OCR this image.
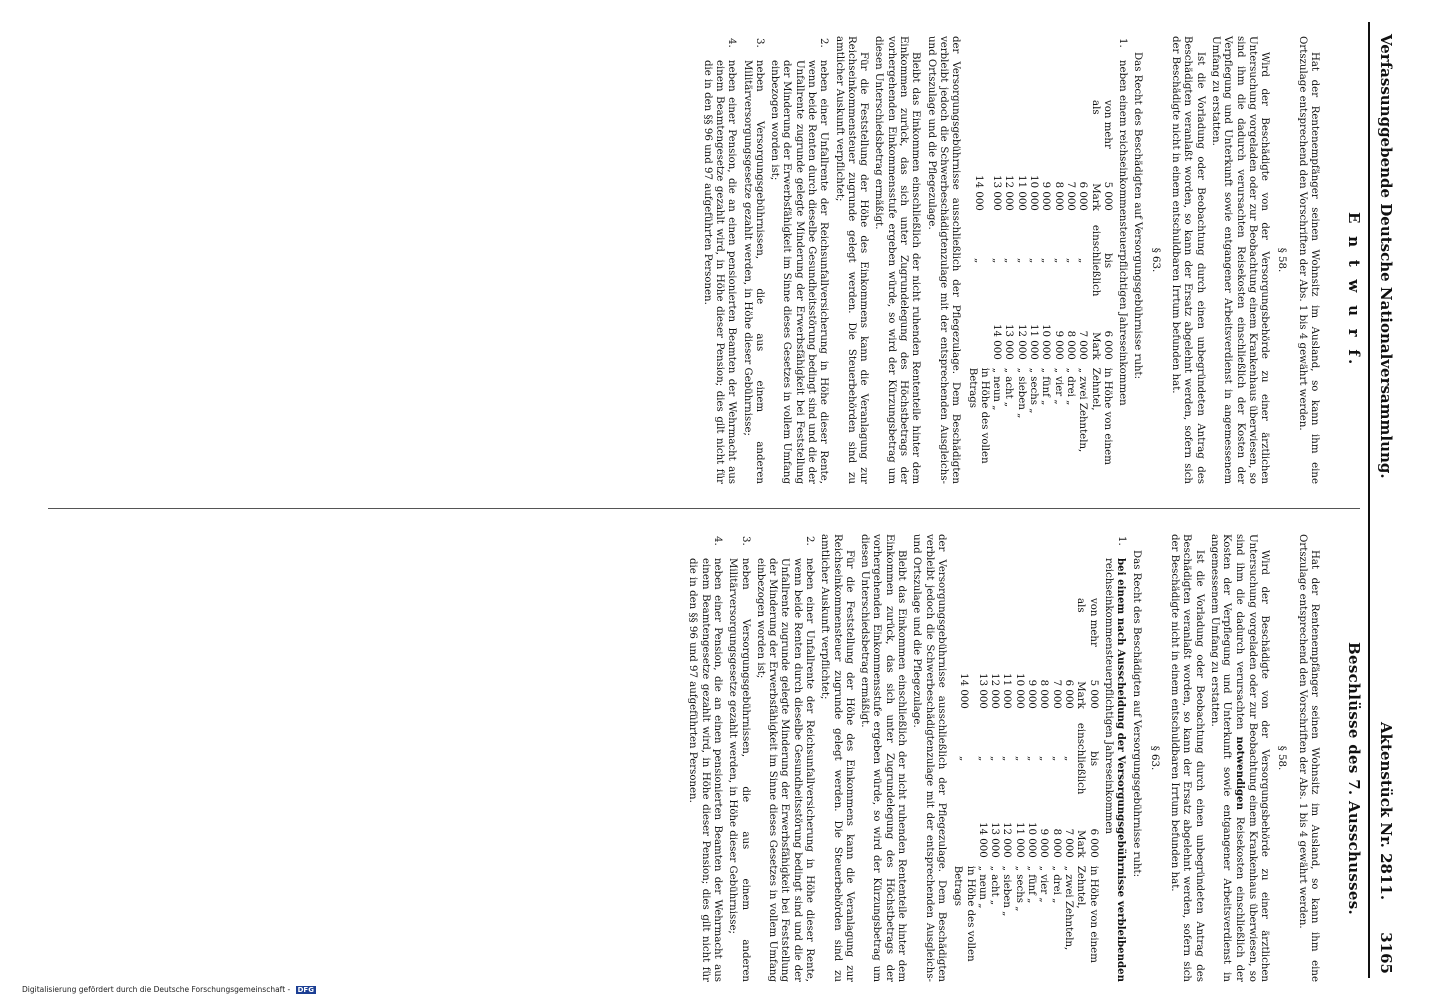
Verfassunggebende Deutsche Nationalversammlung.
Aktenstück Nr. 2811.
3165
E n t w u r f.
Beschlüsse des 7. Ausschusses.

Hat der Rentenempfänger seinen Wohnsitz im Ausland, so kann ihm eine Ortszulage entsprechend den Vorschriften der Abs. 1 bis 4 gewährt werden.

§ 58.

Wird der Beschädigte von der Versorgungsbehörde zu einer ärztlichen Untersuchung vorgeladen oder zur Beobachtung einem Krankenhaus überwiesen, so sind ihm die dadurch verursachten Reisekosten einschließlich der Kosten der Verpflegung und Unterkunft sowie entgangener Arbeitsverdienst in angemessenem Umfang zu erstatten.

Ist die Vorladung oder Beobachtung durch einen unbegründeten Antrag des Beschädigten veranlaßt worden, so kann der Ersatz abgelehnt werden, sofern sich der Beschädigte nicht in einem entschuldbaren Irrtum befunden hat.

§ 63.

Das Recht des Beschädigten auf Versorgungsgebührnisse ruht:

1.
neben einem reichseinkommensteuerpflichtigen Jahreseinkommen
von mehr als	5 000 Mark	bis einschließlich	6 000 Mark	in Höhe von einem Zehntel,
	6 000	„	7 000	„ zwei Zehnteln,
	7 000	„	8 000	„ drei „
	8 000	„	9 000	„ vier „
	9 000	„	10 000	„ fünf „
	10 000	„	11 000	„ sechs „
	11 000	„	12 000	„ sieben „
	12 000	„	13 000	„ acht „
	13 000	„	14 000	„ neun „
	14 000	„		in Höhe des vollen Betrags

der Versorgungsgebührnisse ausschließlich der Pflegezulage. Dem Beschädigten verbleibt jedoch die Schwerbeschädigtenzulage mit der entsprechenden Ausgleichs- und Ortszulage und die Pflegezulage.

Bleibt das Einkommen einschließlich der nicht ruhenden Rententeile hinter dem Einkommen zurück, das sich unter Zugrundelegung des Höchstbetrags der vorhergehenden Einkommensstufe ergeben würde, so wird der Kürzungsbetrag um diesen Unterschiedsbetrag ermäßigt.

Für die Feststellung der Höhe des Einkommens kann die Veranlagung zur Reichseinkommensteuer zugrunde gelegt werden. Die Steuerbehörden sind zu amtlicher Auskunft verpflichtet;

2.
neben einer Unfallrente der Reichsunfallversicherung in Höhe dieser Rente, wenn beide Renten durch dieselbe Gesundheitsstörung bedingt sind und die der Unfallrente zugrunde gelegte Minderung der Erwerbsfähigkeit bei Feststellung der Minderung der Erwerbsfähigkeit im Sinne dieses Gesetzes in vollem Umfang einbezogen worden ist;
3.
neben Versorgungsgebührnissen, die aus einem anderen Militärversorgungsgesetze gezahlt werden, in Höhe dieser Gebührnisse;
4.
neben einer Pension, die an einen pensionierten Beamten der Wehrmacht aus einem Beamtengesetze gezahlt wird, in Höhe dieser Pension; dies gilt nicht für die in den §§ 96 und 97 aufgeführten Personen.

Hat der Rentenempfänger seinen Wohnsitz im Ausland, so kann ihm eine Ortszulage entsprechend den Vorschriften der Abs. 1 bis 4 gewährt werden.

§ 58.

Wird der Beschädigte von der Versorgungsbehörde zu einer ärztlichen Untersuchung vorgeladen oder zur Beobachtung einem Krankenhaus überwiesen, so sind ihm die dadurch verursachten notwendigen Reisekosten einschließlich der Kosten der Verpflegung und Unterkunft sowie entgangener Arbeitsverdienst in angemessenem Umfang zu erstatten.

Ist die Vorladung oder Beobachtung durch einen unbegründeten Antrag des Beschädigten veranlaßt worden, so kann der Ersatz abgelehnt werden, sofern sich der Beschädigte nicht in einem entschuldbaren Irrtum befunden hat.

§ 63.

Das Recht des Beschädigten auf Versorgungsgebührnisse ruht:

1.
bei einem nach Ausscheidung der Versorgungsgebührnisse verbleibenden reichseinkommensteuerpflichtigen Jahreseinkommen
von mehr als	5 000 Mark	bis einschließlich	6 000 Mark	in Höhe von einem Zehntel,
	6 000	„	7 000	„ zwei Zehnteln,
	7 000	„	8 000	„ drei „
	8 000	„	9 000	„ vier „
	9 000	„	10 000	„ fünf „
	10 000	„	11 000	„ sechs „
	11 000	„	12 000	„ sieben „
	12 000	„	13 000	„ acht „
	13 000	„	14 000	„ neun „
	14 000	„		in Höhe des vollen Betrags

der Versorgungsgebührnisse ausschließlich der Pflegezulage. Dem Beschädigten verbleibt jedoch die Schwerbeschädigtenzulage mit der entsprechenden Ausgleichs- und Ortszulage und die Pflegezulage.

Bleibt das Einkommen einschließlich der nicht ruhenden Rententeile hinter dem Einkommen zurück, das sich unter Zugrundelegung des Höchstbetrags der vorhergehenden Einkommensstufe ergeben würde, so wird der Kürzungsbetrag um diesen Unterschiedsbetrag ermäßigt.

Für die Feststellung der Höhe des Einkommens kann die Veranlagung zur Reichseinkommensteuer zugrunde gelegt werden. Die Steuerbehörden sind zu amtlicher Auskunft verpflichtet;

2.
neben einer Unfallrente der Reichsunfallversicherung in Höhe dieser Rente, wenn beide Renten durch dieselbe Gesundheitsstörung bedingt sind und die der Unfallrente zugrunde gelegte Minderung der Erwerbsfähigkeit bei Feststellung der Minderung der Erwerbsfähigkeit im Sinne dieses Gesetzes in vollem Umfang einbezogen worden ist;
3.
neben Versorgungsgebührnissen, die aus einem anderen Militärversorgungsgesetze gezahlt werden, in Höhe dieser Gebührnisse;
4.
neben einer Pension, die an einen pensionierten Beamten der Wehrmacht aus einem Beamtengesetze gezahlt wird, in Höhe dieser Pension; dies gilt nicht für die in den §§ 96 und 97 aufgeführten Personen.
Digitalisierung gefördert durch die Deutsche Forschungsgemeinschaft - DFG
